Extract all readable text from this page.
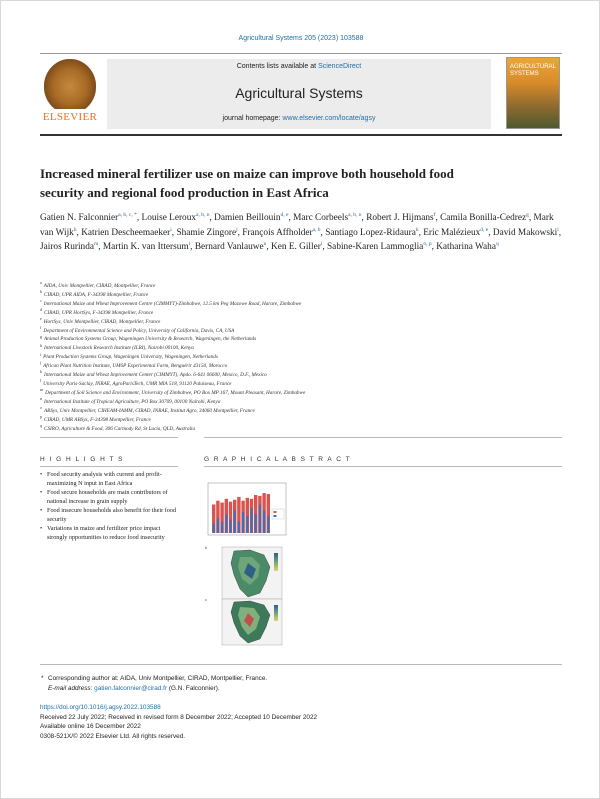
Agricultural Systems 205 (2023) 103588
ELSEVIER
Contents lists available at ScienceDirect
Agricultural Systems
journal homepage: www.elsevier.com/locate/agsy
AGRICULTURAL SYSTEMS
Increased mineral fertilizer use on maize can improve both household food security and regional food production in East Africa
Gatien N. Falconnier$^{a, b, c, *}$, Louise Leroux$^{a, b, n}$, Damien Beillouin$^{d, e}$, Marc Corbeels$^{a, b, n}$, Robert J. Hijmans$^f$, Camila Bonilla-Cedrez$^g$, Mark van Wijk$^h$, Katrien Descheemaeker$^i$, Shamie Zingore$^j$, François Affholder$^{a, b}$, Santiago Lopez-Ridaura$^k$, Eric Malézieux$^{d, e}$, David Makowski$^l$, Jairos Rurinda$^m$, Martin K. van Ittersum$^i$, Bernard Vanlauwe$^n$, Ken E. Giller$^i$, Sabine-Karen Lammoglia$^{o, p}$, Katharina Waha$^q$
$^a$AIDA, Univ Montpellier, CIRAD, Montpellier, France
$^b$CIRAD, UPR AIDA, F-34398 Montpellier, France
$^c$International Maize and Wheat Improvement Centre (CIMMYT)-Zimbabwe, 12.5 km Peg Mazowe Road, Harare, Zimbabwe
$^d$CIRAD, UPR HortSys, F-34398 Montpellier, France
$^e$HortSys, Univ Montpellier, CIRAD, Montpellier, France
$^f$Department of Environmental Science and Policy, University of California, Davis, CA, USA
$^g$Animal Production Systems Group, Wageningen University & Research, Wageningen, the Netherlands
$^h$International Livestock Research Institute (ILRI), Nairobi 00100, Kenya
$^i$Plant Production Systems Group, Wageningen University, Wageningen, Netherlands
$^j$African Plant Nutrition Institute, UM6P Experimental Farm, Benguérir 43150, Morocco
$^k$International Maize and Wheat Improvement Center (CIMMYT), Apdo. 6-641 06600, Mexico, D.F., Mexico
$^l$University Paris-Saclay, INRAE, AgroParisTech, UMR MIA 518, 91120 Palaiseau, France
$^m$Department of Soil Science and Environment, University of Zimbabwe, PO Box MP 167, Mount Pleasant, Harare, Zimbabwe
$^n$International Institute of Tropical Agriculture, PO Box 30709, 00100 Nairobi, Kenya
$^o$ABSys, Univ Montpellier, CIHEAM-IAMM, CIRAD, INRAE, Institut Agro, 34060 Montpellier, France
$^p$CIRAD, UMR ABSys, F-34398 Montpellier, France
$^q$CSIRO, Agriculture & Food, 306 Carmody Rd, St Lucia, QLD, Australia
H I G H L I G H T S	G R A P H I C A L A B S T R A C T
• Food security analysis with current and profit-maximizing N input in East Africa
• Food secure households are main contributors of national increase in grain supply
• Food insecure households also benefit for their food security
• Variations in maize and fertilizer price impact strongly opportunities to reduce food insecurity
b
c
* Corresponding author at: AIDA, Univ Montpellier, CIRAD, Montpellier, France.
E-mail address: gatien.falconnier@cirad.fr (G.N. Falconnier).
https://doi.org/10.1016/j.agsy.2022.103588
Received 22 July 2022; Received in revised form 8 December 2022; Accepted 10 December 2022
Available online 16 December 2022
0308-521X/© 2022 Elsevier Ltd. All rights reserved.
